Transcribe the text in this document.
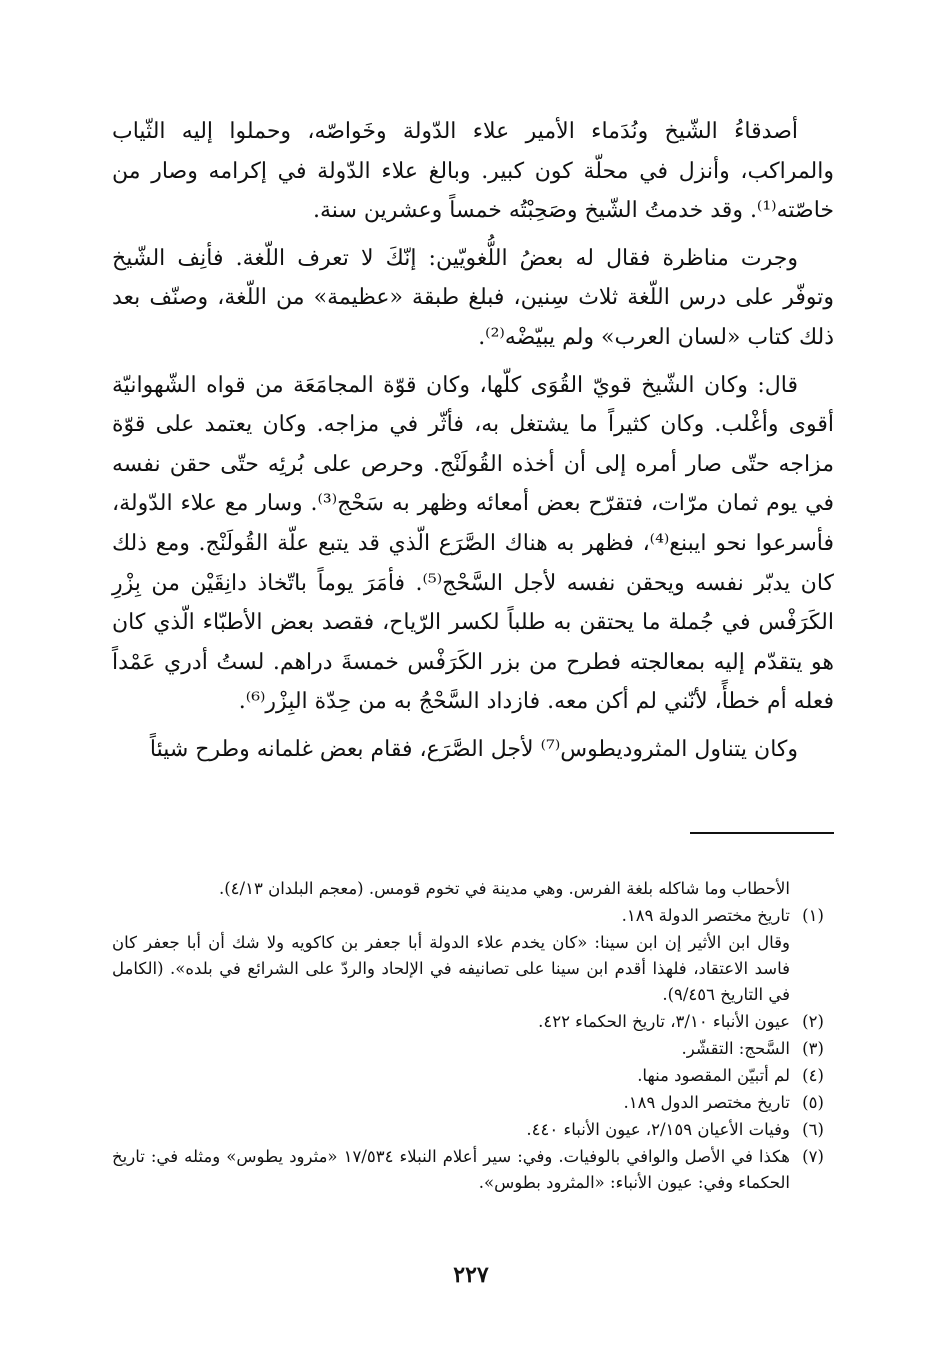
أصدقاءُ الشّيخ ونُدَماء الأمير علاء الدّولة وخَواصّه، وحملوا إليه الثّياب والمراكب، وأنزل في محلّة كون كبير. وبالغ علاء الدّولة في إكرامه وصار من خاصّته⁽¹⁾. وقد خدمتُ الشّيخ وصَحِبْتُه خمساً وعشرين سنة.

وجرت مناظرة فقال له بعضُ اللُّغويّين: إنّكَ لا تعرف اللّغة. فأنِف الشّيخ وتوفّر على درس اللّغة ثلاث سِنين، فبلغ طبقة «عظيمة» من اللّغة، وصنّف بعد ذلك كتاب «لسان العرب» ولم يبيّضْه⁽²⁾.

قال: وكان الشّيخ قويّ القُوَى كلّها، وكان قوّة المجامَعَة من قواه الشّهوانيّة أقوى وأغْلب. وكان كثيراً ما يشتغل به، فأثّر في مزاجه. وكان يعتمد على قوّة مزاجه حتّى صار أمره إلى أن أخذه القُولَنْج. وحرص على بُرئِه حتّى حقن نفسه في يوم ثمان مرّات، فتقرّح بعض أمعائه وظهر به سَحْج⁽³⁾. وسار مع علاء الدّولة، فأسرعوا نحو ايبنع⁽⁴⁾، فظهر به هناك الصَّرَع الّذي قد يتبع علّة القُولَنْج. ومع ذلك كان يدبّر نفسه ويحقن نفسه لأجل السَّحْج⁽⁵⁾. فأمَرَ يوماً باتّخاذ دانِقَيْن من بِزْرِ الكَرَفْس في جُملة ما يحتقن به طلباً لكسر الرّياح، فقصد بعض الأطبّاء الّذي كان هو يتقدّم إليه بمعالجته فطرح من بزر الكَرَفْس خمسةَ دراهم. لستُ أدري عَمْداً فعله أم خطأً، لأنّني لم أكن معه. فازداد السَّحْجُ به من حِدّة البِزْر⁽⁶⁾.

وكان يتناول المثروديطوس⁽⁷⁾ لأجل الصَّرَع، فقام بعض غلمانه وطرح شيئاً

الأحطاب وما شاكله بلغة الفرس. وهي مدينة في تخوم قومس. (معجم البلدان ٤/١٣).
(١)
تاريخ مختصر الدولة ١٨٩.
وقال ابن الأثير إن ابن سينا: «كان يخدم علاء الدولة أبا جعفر بن كاكويه ولا شك أن أبا جعفر كان فاسد الاعتقاد، فلهذا أقدم ابن سينا على تصانيفه في الإلحاد والردّ على الشرائع في بلده». (الكامل في التاريخ ٩/٤٥٦).
(٢)
عيون الأنباء ٣/١٠، تاريخ الحكماء ٤٢٢.
(٣)
السَّحج: التقشّر.
(٤)
لم أتبيّن المقصود منها.
(٥)
تاريخ مختصر الدول ١٨٩.
(٦)
وفيات الأعيان ٢/١٥٩، عيون الأنباء ٤٤٠.
(٧)
هكذا في الأصل والوافي بالوفيات. وفي: سير أعلام النبلاء ١٧/٥٣٤ «مثرود يطوس» ومثله في: تاريخ الحكماء وفي: عيون الأنباء: «المثرود بطوس».
٢٢٧
